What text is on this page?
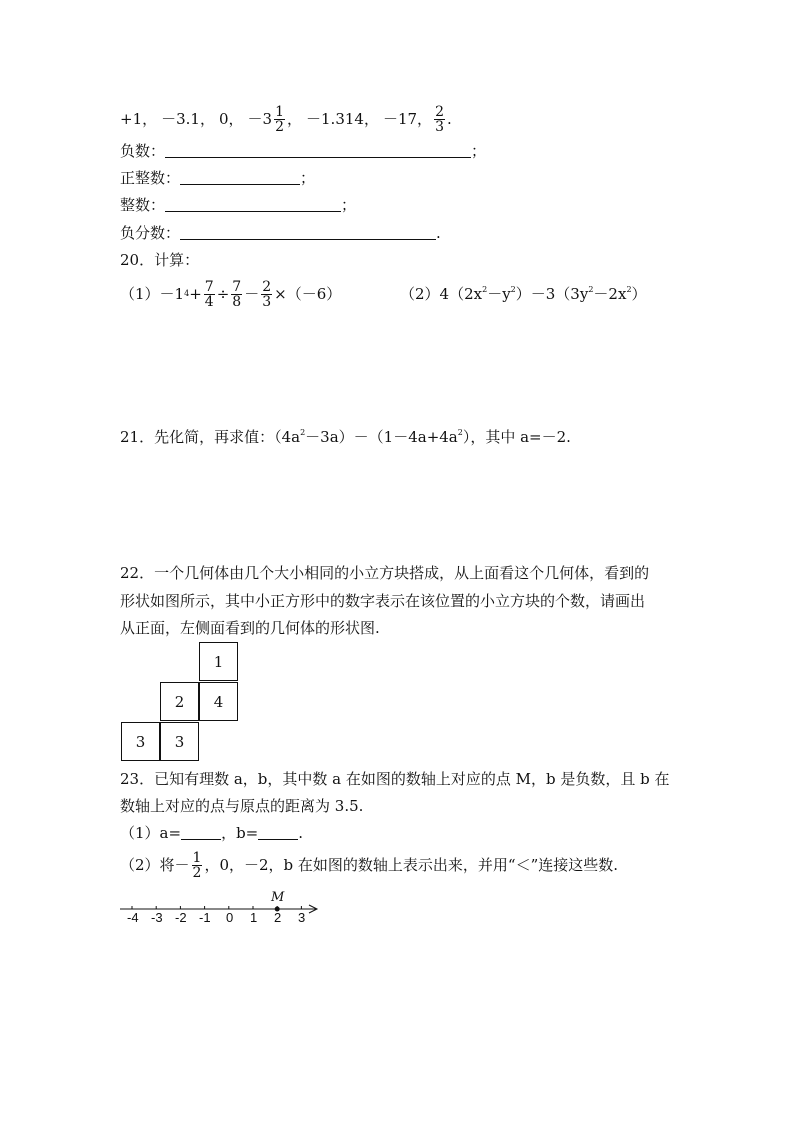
+1， －3.1， 0， $-3 \frac{1}{2}$ ， －1.314， －17， $\frac{2}{3}$ .
负数：	；
正整数：	；
整数：	；
负分数：	.
20．计算：
（1）－1 $4 + \frac{7}{4} \div \frac{7}{8} - \frac{2}{3} \times(-6)$	$(2)4(2x^2-y^2)-3(3y^2-2x^2)$
21．先化简，再求值：$(4a^2-3a)-(1-4a+4a^2)$，其中 a=－2.
22．一个几何体由几个大小相同的小立方块搭成，从上面看这个几何体，看到的
形状如图所示，其中小正方形中的数字表示在该位置的小立方块的个数，请画出
从正面，左侧面看到的几何体的形状图.
1
2 4
3 3
23．已知有理数 a，b，其中数 a 在如图的数轴上对应的点 M，b 是负数，且 b 在
数轴上对应的点与原点的距离为 3.5.
（1）a=	，b=	.
（2）将－ $\frac{1}{2}$ ，0，－2，b 在如图的数轴上表示出来，并用“＜”连接这些数.
-4 -3 -2 -1 0 1 2 3
M
